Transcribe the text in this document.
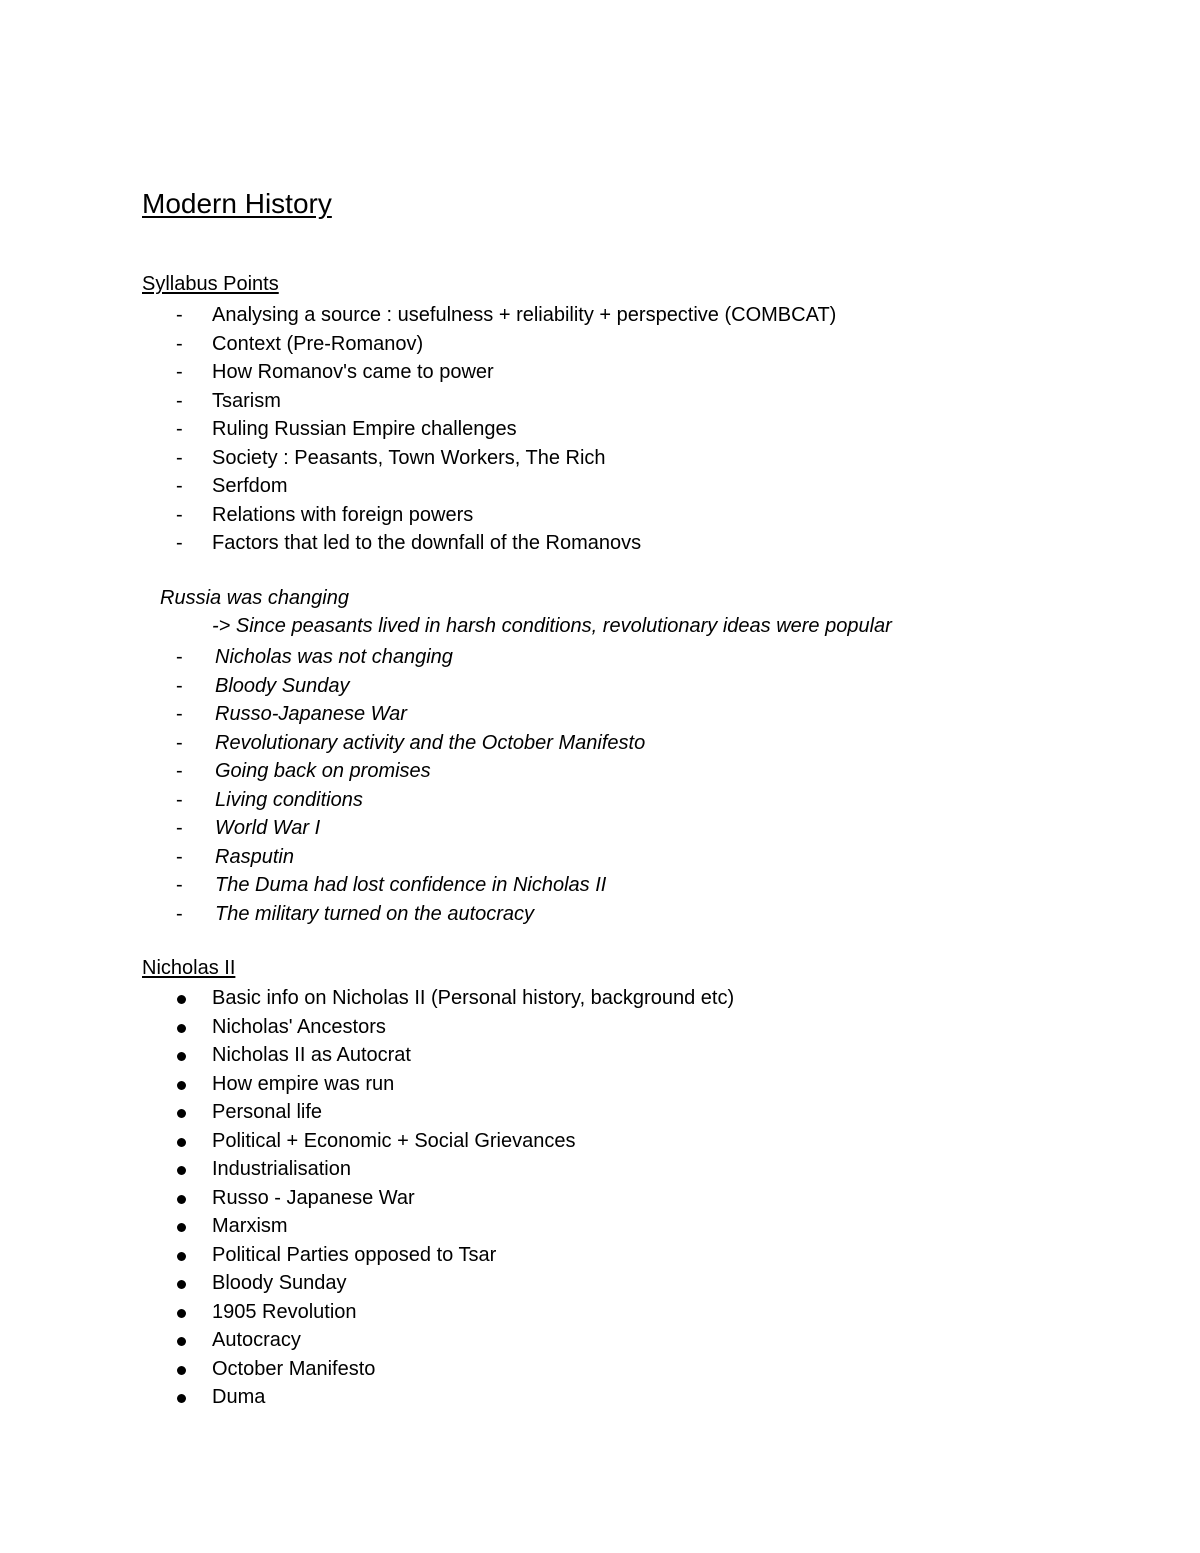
Modern History
Syllabus Points
- Analysing a source : usefulness + reliability + perspective (COMBCAT)
- Context (Pre-Romanov)
- How Romanov's came to power
- Tsarism
- Ruling Russian Empire challenges
- Society : Peasants, Town Workers, The Rich
- Serfdom
- Relations with foreign powers
- Factors that led to the downfall of the Romanovs
Russia was changing
-> Since peasants lived in harsh conditions, revolutionary ideas were popular
- Nicholas was not changing
- Bloody Sunday
- Russo-Japanese War
- Revolutionary activity and the October Manifesto
- Going back on promises
- Living conditions
- World War I
- Rasputin
- The Duma had lost confidence in Nicholas II
- The military turned on the autocracy
Nicholas II
Basic info on Nicholas II (Personal history, background etc)
Nicholas' Ancestors
Nicholas II as Autocrat
How empire was run
Personal life
Political + Economic + Social Grievances
Industrialisation
Russo - Japanese War
Marxism
Political Parties opposed to Tsar
Bloody Sunday
1905 Revolution
Autocracy
October Manifesto
Duma
